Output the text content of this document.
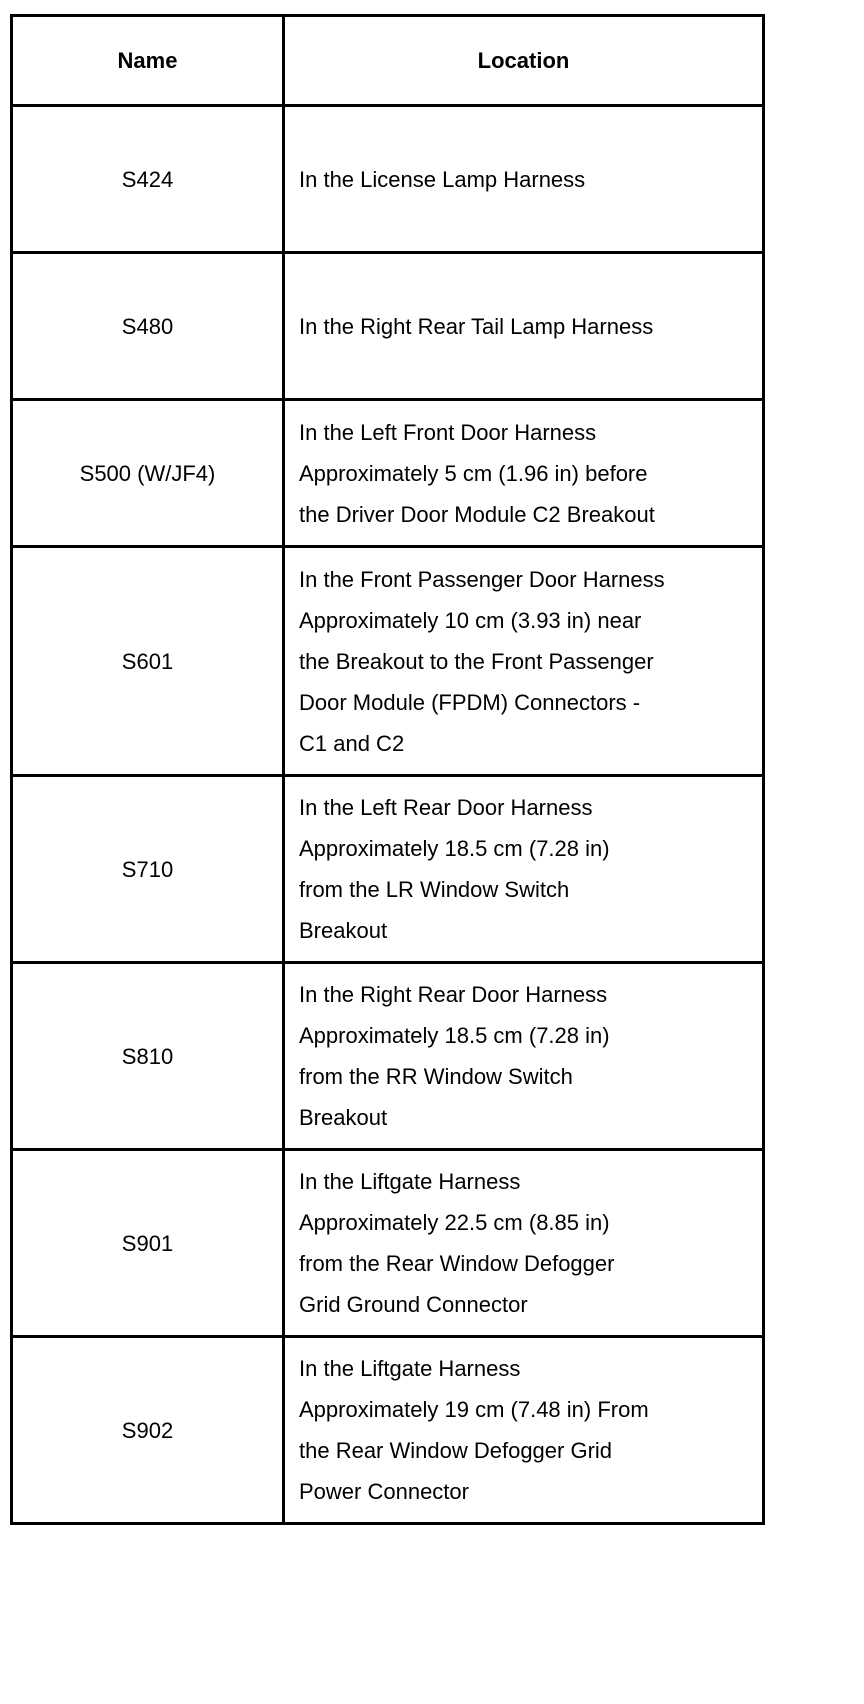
Name	Location
S424	In the License Lamp Harness

S480	In the Right Rear Tail Lamp Harness

S500 (W/JF4)	In the Left Front Door Harness
Approximately 5 cm (1.96 in) before
the Driver Door Module C2 Breakout

S601	In the Front Passenger Door Harness
Approximately 10 cm (3.93 in) near
the Breakout to the Front Passenger
Door Module (FPDM) Connectors -
C1 and C2

S710	In the Left Rear Door Harness
Approximately 18.5 cm (7.28 in)
from the LR Window Switch
Breakout

S810	In the Right Rear Door Harness
Approximately 18.5 cm (7.28 in)
from the RR Window Switch
Breakout

S901	In the Liftgate Harness
Approximately 22.5 cm (8.85 in)
from the Rear Window Defogger
Grid Ground Connector

S902	In the Liftgate Harness
Approximately 19 cm (7.48 in) From
the Rear Window Defogger Grid
Power Connector
